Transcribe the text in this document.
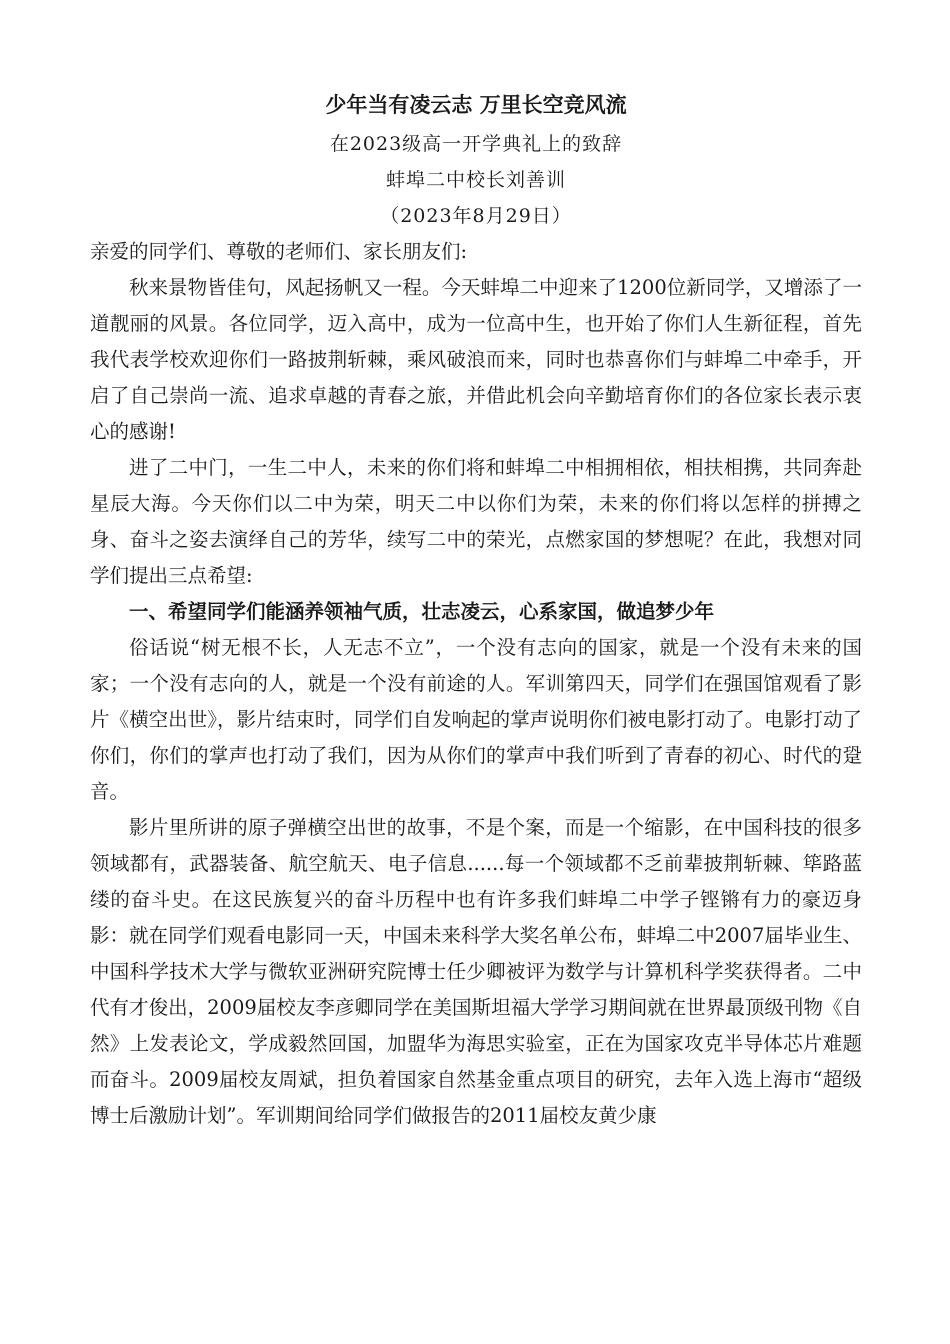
少年当有凌云志 万里长空竞风流

在2023级高一开学典礼上的致辞

蚌埠二中校长刘善训

（2023年8月29日）

亲爱的同学们、尊敬的老师们、家长朋友们:

秋来景物皆佳句，风起扬帆又一程。今天蚌埠二中迎来了1200位新同学，又增添了一道靓丽的风景。各位同学，迈入高中，成为一位高中生，也开始了你们人生新征程，首先我代表学校欢迎你们一路披荆斩棘，乘风破浪而来，同时也恭喜你们与蚌埠二中牵手，开启了自己崇尚一流、追求卓越的青春之旅，并借此机会向辛勤培育你们的各位家长表示衷心的感谢!

进了二中门，一生二中人，未来的你们将和蚌埠二中相拥相依，相扶相携，共同奔赴星辰大海。今天你们以二中为荣，明天二中以你们为荣，未来的你们将以怎样的拼搏之身、奋斗之姿去演绎自己的芳华，续写二中的荣光，点燃家国的梦想呢？在此，我想对同学们提出三点希望:

一、希望同学们能涵养领袖气质，壮志凌云，心系家国，做追梦少年

俗话说“树无根不长，人无志不立”，一个没有志向的国家，就是一个没有未来的国家；一个没有志向的人，就是一个没有前途的人。军训第四天，同学们在强国馆观看了影片《横空出世》，影片结束时，同学们自发响起的掌声说明你们被电影打动了。电影打动了你们，你们的掌声也打动了我们，因为从你们的掌声中我们听到了青春的初心、时代的跫音。

影片里所讲的原子弹横空出世的故事，不是个案，而是一个缩影，在中国科技的很多领域都有，武器装备、航空航天、电子信息......每一个领域都不乏前辈披荆斩棘、筚路蓝缕的奋斗史。在这民族复兴的奋斗历程中也有许多我们蚌埠二中学子铿锵有力的豪迈身影：就在同学们观看电影同一天，中国未来科学大奖名单公布，蚌埠二中2007届毕业生、中国科学技术大学与微软亚洲研究院博士任少卿被评为数学与计算机科学奖获得者。二中代有才俊出，2009届校友李彦卿同学在美国斯坦福大学学习期间就在世界最顶级刊物《自然》上发表论文，学成毅然回国，加盟华为海思实验室，正在为国家攻克半导体芯片难题而奋斗。2009届校友周斌，担负着国家自然基金重点项目的研究，去年入选上海市“超级博士后激励计划”。军训期间给同学们做报告的2011届校友黄少康
